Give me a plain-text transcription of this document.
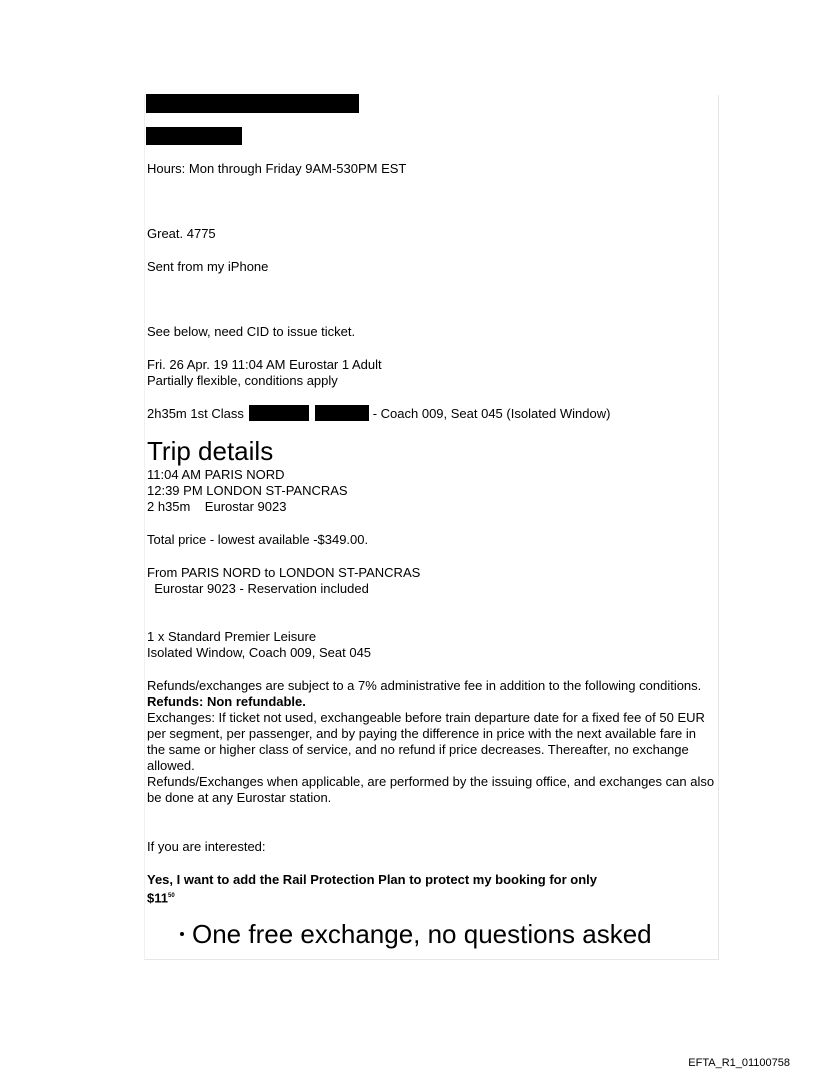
Hours: Mon through Friday 9AM-530PM EST
Great. 4775
Sent from my iPhone
See below, need CID to issue ticket.
Fri. 26 Apr. 19 11:04 AM Eurostar 1 Adult
Partially flexible, conditions apply
2h35m 1st Class	- Coach 009, Seat 045 (Isolated Window)
Trip details
11:04 AM PARIS NORD
12:39 PM LONDON ST-PANCRAS
2 h35m    Eurostar 9023
Total price - lowest available -$349.00.
From PARIS NORD to LONDON ST-PANCRAS
Eurostar 9023 - Reservation included
1 x Standard Premier Leisure
Isolated Window, Coach 009, Seat 045
Refunds/exchanges are subject to a 7% administrative fee in addition to the following conditions.
Refunds: Non refundable.
Exchanges: If ticket not used, exchangeable before train departure date for a fixed fee of 50 EUR per segment, per passenger, and by paying the difference in price with the next available fare in the same or higher class of service, and no refund if price decreases. Thereafter, no exchange allowed.
Refunds/Exchanges when applicable, are performed by the issuing office, and exchanges can also be done at any Eurostar station.
If you are interested:
Yes, I want to add the Rail Protection Plan to protect my booking for only
$\$11^{50}$
One free exchange, no questions asked
EFTA_R1_01100758
